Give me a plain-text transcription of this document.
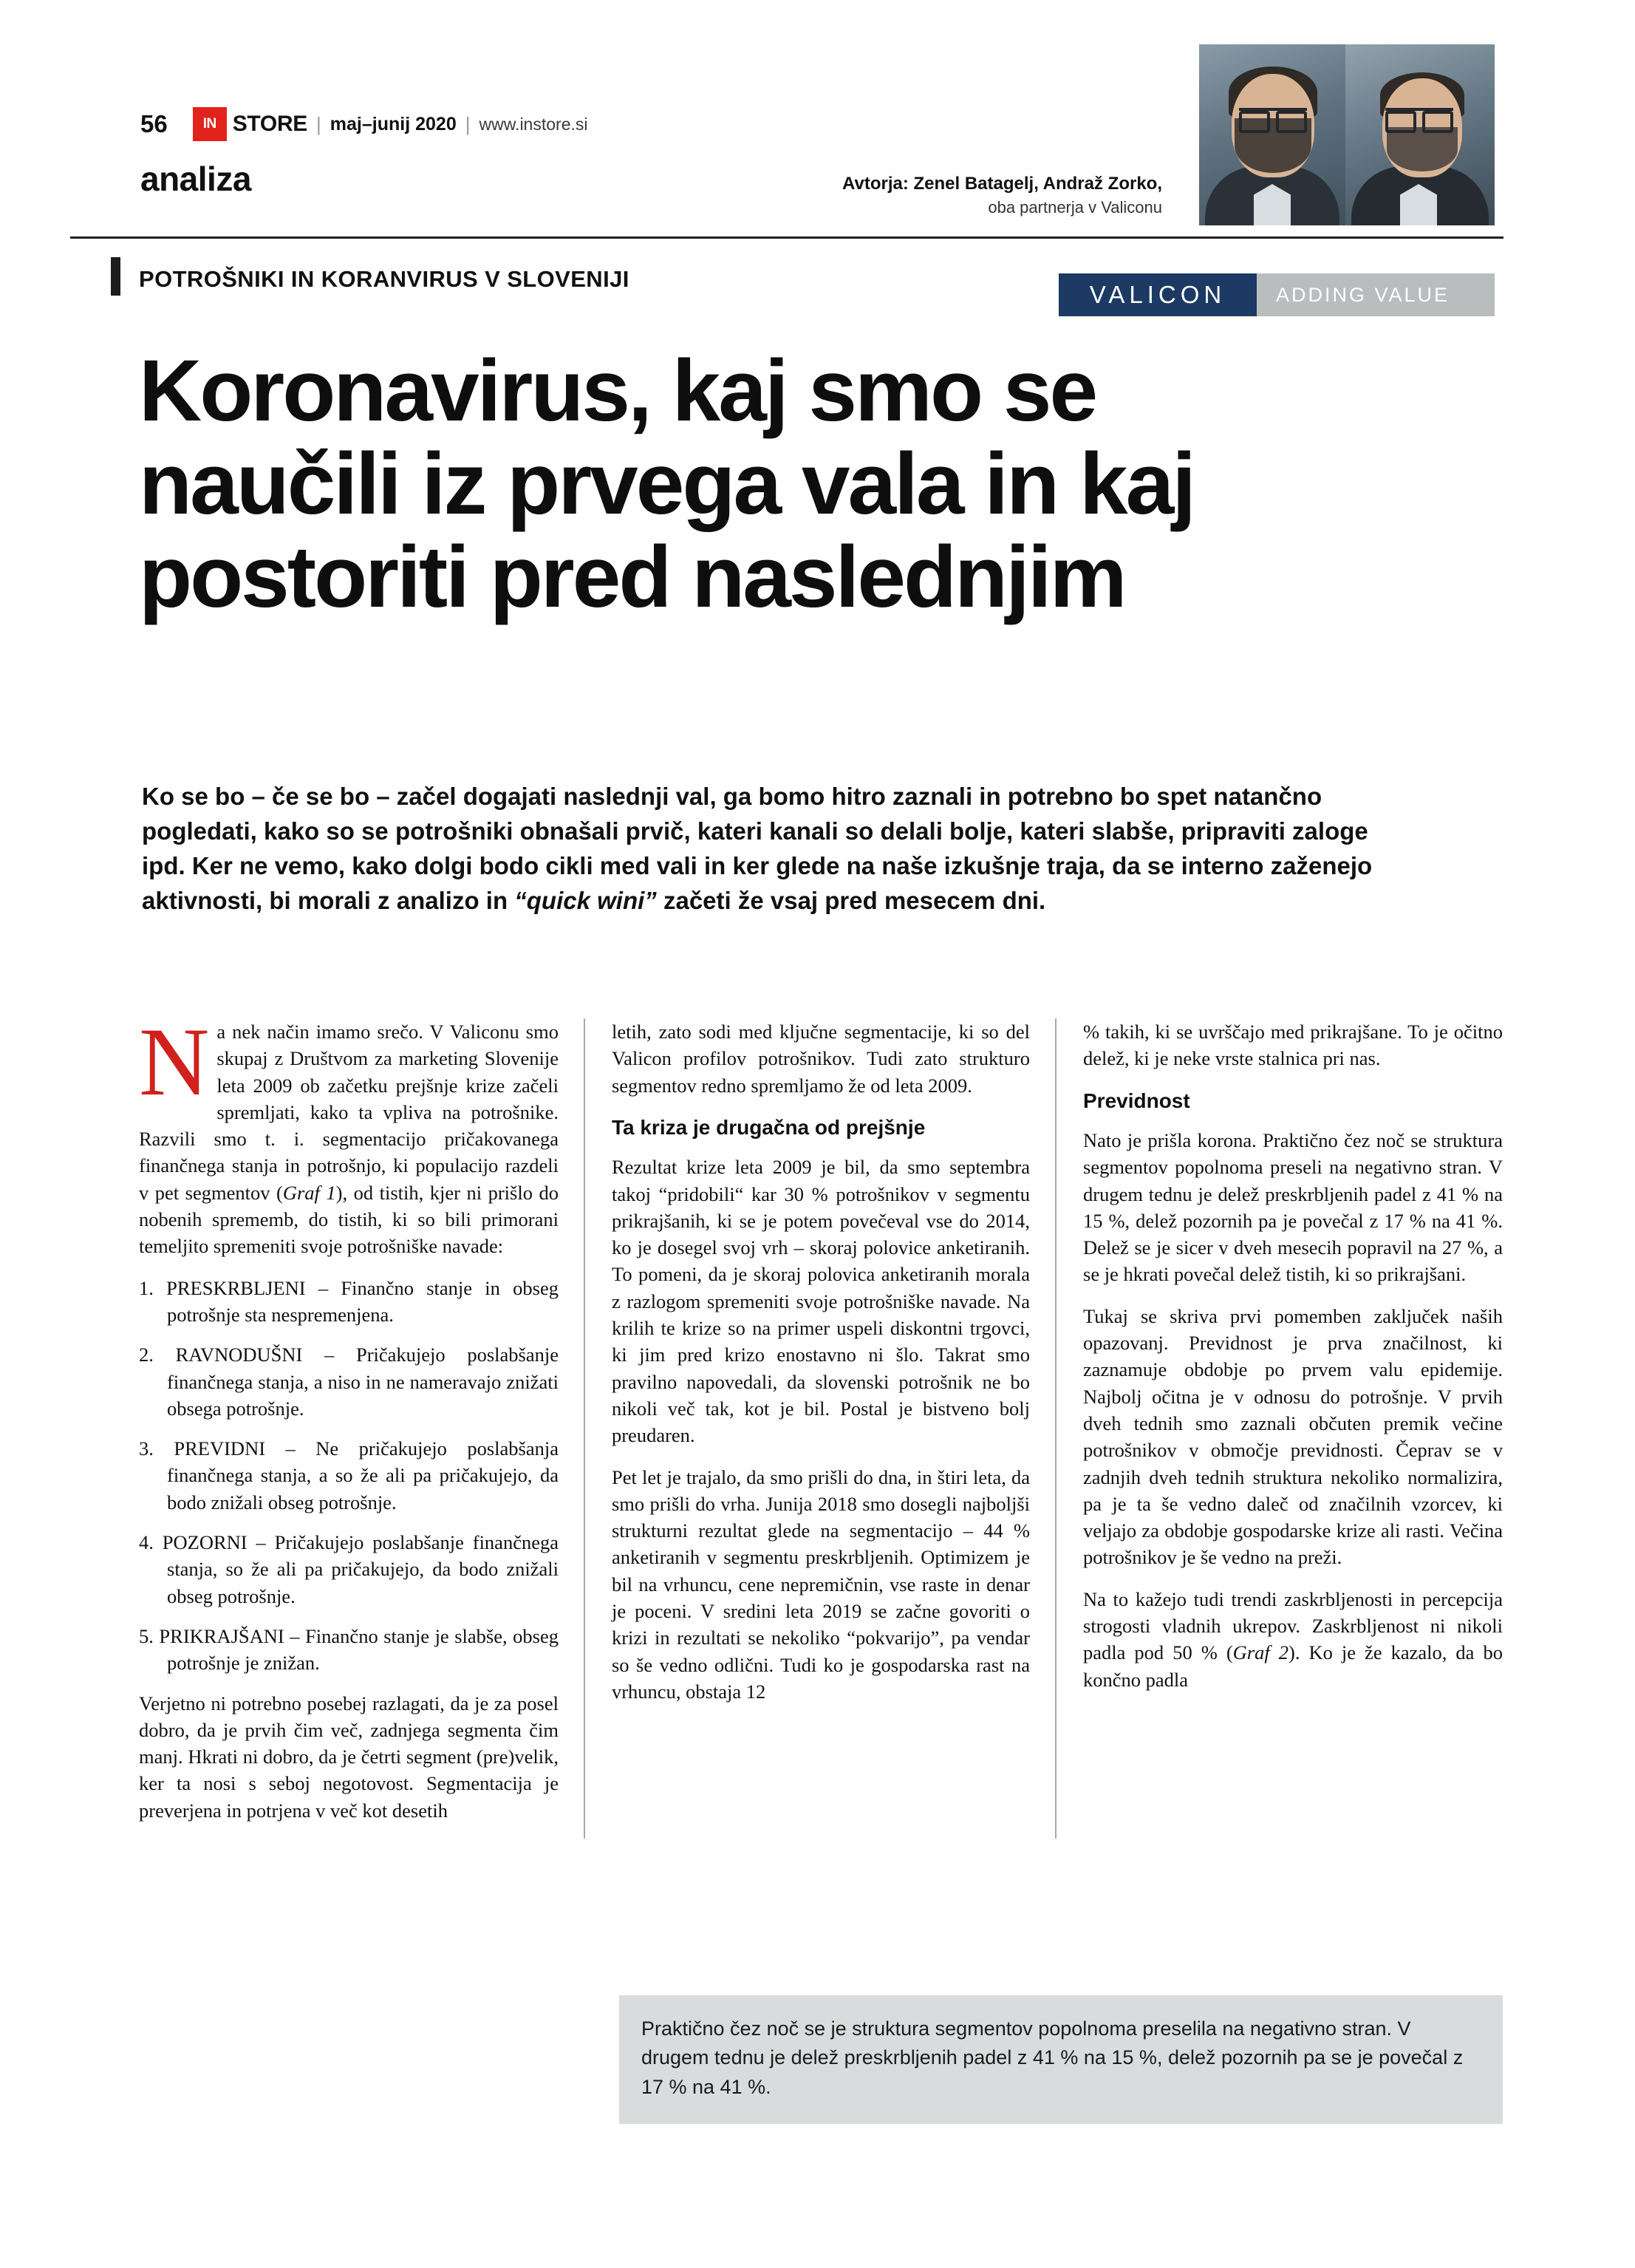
56	IN STORE | maj–junij 2020 | www.instore.si
analiza	Avtorja: Zenel Batagelj, Andraž Zorko,
oba partnerja v Valiconu
POTROŠNIKI IN KORANVIRUS V SLOVENIJI
VALICON	ADDING VALUE
Koronavirus, kaj smo se
naučili iz prvega vala in kaj
postoriti pred naslednjim
Ko se bo – če se bo – začel dogajati naslednji val, ga bomo hitro zaznali in potrebno bo spet natančno pogledati, kako so se potrošniki obnašali prvič, kateri kanali so delali bolje, kateri slabše, pripraviti zaloge ipd. Ker ne vemo, kako dolgi bodo cikli med vali in ker glede na naše izkušnje traja, da se interno zaženejo aktivnosti, bi morali z analizo in “quick wini” začeti že vsaj pred mesecem dni.

Na nek način imamo srečo. V Valiconu smo skupaj z Društvom za marketing Slovenije leta 2009 ob začetku prejšnje krize začeli spremljati, kako ta vpliva na potrošnike. Razvili smo t. i. segmentacijo pričakovanega finančnega stanja in potrošnjo, ki populacijo razdeli v pet segmentov (Graf 1), od tistih, kjer ni prišlo do nobenih sprememb, do tistih, ki so bili primorani temeljito spremeniti svoje potrošniške navade:

1. PRESKRBLJENI – Finančno stanje in obseg potrošnje sta nespremenjena.
2. RAVNODUŠNI – Pričakujejo poslabšanje finančnega stanja, a niso in ne nameravajo znižati obsega potrošnje.
3. PREVIDNI – Ne pričakujejo poslabšanja finančnega stanja, a so že ali pa pričakujejo, da bodo znižali obseg potrošnje.
4. POZORNI – Pričakujejo poslabšanje finančnega stanja, so že ali pa pričakujejo, da bodo znižali obseg potrošnje.
5. PRIKRAJŠANI – Finančno stanje je slabše, obseg potrošnje je znižan.

Verjetno ni potrebno posebej razlagati, da je za posel dobro, da je prvih čim več, zadnjega segmenta čim manj. Hkrati ni dobro, da je četrti segment (pre)velik, ker ta nosi s seboj negotovost. Segmentacija je preverjena in potrjena v več kot desetih

letih, zato sodi med ključne segmentacije, ki so del Valicon profilov potrošnikov. Tudi zato strukturo segmentov redno spremljamo že od leta 2009.

Ta kriza je drugačna od prejšnje

Rezultat krize leta 2009 je bil, da smo septembra takoj “pridobili“ kar 30 % potrošnikov v segmentu prikrajšanih, ki se je potem povečeval vse do 2014, ko je dosegel svoj vrh – skoraj polovice anketiranih. To pomeni, da je skoraj polovica anketiranih morala z razlogom spremeniti svoje potrošniške navade. Na krilih te krize so na primer uspeli diskontni trgovci, ki jim pred krizo enostavno ni šlo. Takrat smo pravilno napovedali, da slovenski potrošnik ne bo nikoli več tak, kot je bil. Postal je bistveno bolj preudaren.

Pet let je trajalo, da smo prišli do dna, in štiri leta, da smo prišli do vrha. Junija 2018 smo dosegli najboljši strukturni rezultat glede na segmentacijo – 44 % anketiranih v segmentu preskrbljenih. Optimizem je bil na vrhuncu, cene nepremičnin, vse raste in denar je poceni. V sredini leta 2019 se začne govoriti o krizi in rezultati se nekoliko “pokvarijo”, pa vendar so še vedno odlični. Tudi ko je gospodarska rast na vrhuncu, obstaja 12

% takih, ki se uvrščajo med prikrajšane. To je očitno delež, ki je neke vrste stalnica pri nas.

Previdnost

Nato je prišla korona. Praktično čez noč se struktura segmentov popolnoma preseli na negativno stran. V drugem tednu je delež preskrbljenih padel z 41 % na 15 %, delež pozornih pa je povečal z 17 % na 41 %. Delež se je sicer v dveh mesecih popravil na 27 %, a se je hkrati povečal delež tistih, ki so prikrajšani.

Tukaj se skriva prvi pomemben zaključek naših opazovanj. Previdnost je prva značilnost, ki zaznamuje obdobje po prvem valu epidemije. Najbolj očitna je v odnosu do potrošnje. V prvih dveh tednih smo zaznali občuten premik večine potrošnikov v območje previdnosti. Čeprav se v zadnjih dveh tednih struktura nekoliko normalizira, pa je ta še vedno daleč od značilnih vzorcev, ki veljajo za obdobje gospodarske krize ali rasti. Večina potrošnikov je še vedno na preži.

Na to kažejo tudi trendi zaskrbljenosti in percepcija strogosti vladnih ukrepov. Zaskrbljenost ni nikoli padla pod 50 % (Graf 2). Ko je že kazalo, da bo končno padla

Praktično čez noč se je struktura segmentov popolnoma preselila na negativno stran. V drugem tednu je delež preskrbljenih padel z 41 % na 15 %, delež pozornih pa se je povečal z 17 % na 41 %.
